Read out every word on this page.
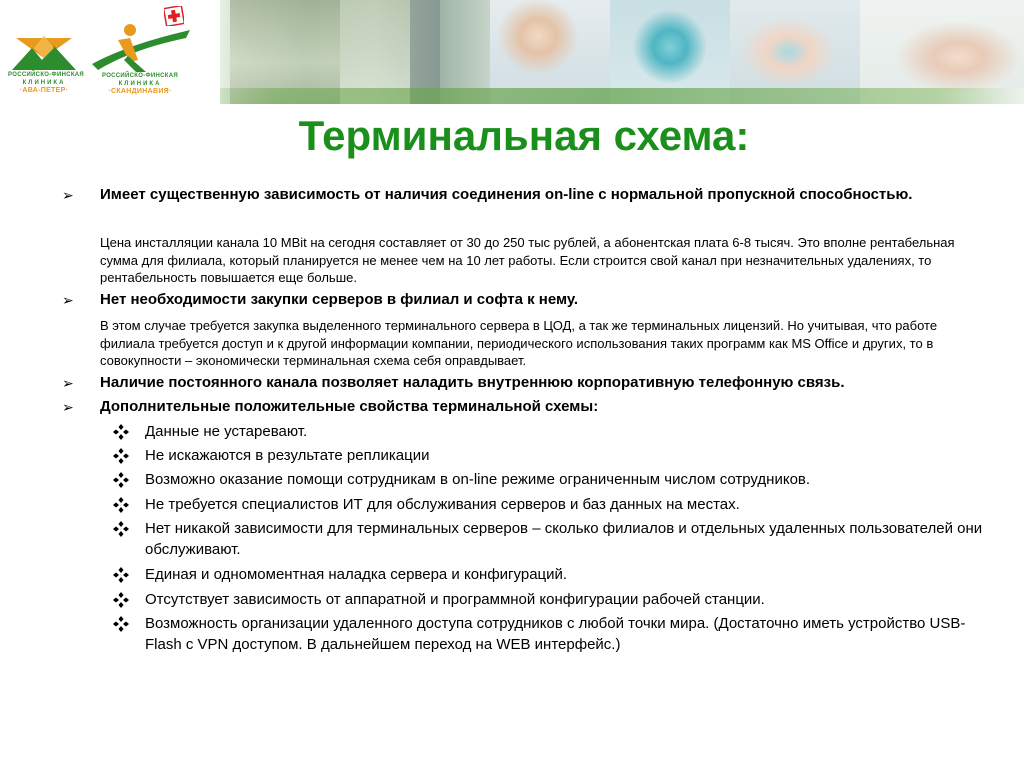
РОССИЙСКО-ФИНСКАЯ
КЛИНИКА
·АВА-ПЕТЕР·
РОССИЙСКО-ФИНСКАЯ
КЛИНИКА
·СКАНДИНАВИЯ·
Терминальная схема:
➢ Имеет существенную зависимость от наличия соединения on-line с нормальной пропускной способностью.
Цена инсталляции канала 10 MBit на сегодня составляет от 30 до 250 тыс рублей, а абонентская плата 6-8 тысяч. Это вполне рентабельная сумма для филиала, который планируется не менее чем на 10 лет работы. Если строится свой канал при незначительных удалениях, то рентабельность повышается еще больше.
➢ Нет необходимости закупки серверов в филиал и софта к нему.
В этом случае требуется закупка выделенного терминального сервера в ЦОД, а так же терминальных лицензий. Но учитывая, что работе филиала требуется доступ и к другой информации компании, периодического использования таких программ как MS Office и других, то в совокупности – экономически терминальная схема себя оправдывает.
➢ Наличие постоянного канала позволяет наладить внутреннюю корпоративную телефонную связь.
➢ Дополнительные положительные свойства терминальной схемы:
Данные не устаревают.
Не искажаются в результате репликации
Возможно оказание помощи сотрудникам в on-line режиме ограниченным числом сотрудников.
Не требуется специалистов ИТ для обслуживания серверов и баз данных на местах.
Нет никакой зависимости для терминальных серверов – сколько филиалов и отдельных удаленных пользователей они обслуживают.
Единая и одномоментная наладка сервера и конфигураций.
Отсутствует зависимость от аппаратной и программной конфигурации рабочей станции.
Возможность организации удаленного доступа сотрудников с любой точки мира. (Достаточно иметь устройство USB-Flash с VPN доступом. В дальнейшем переход на WEB интерфейс.)
